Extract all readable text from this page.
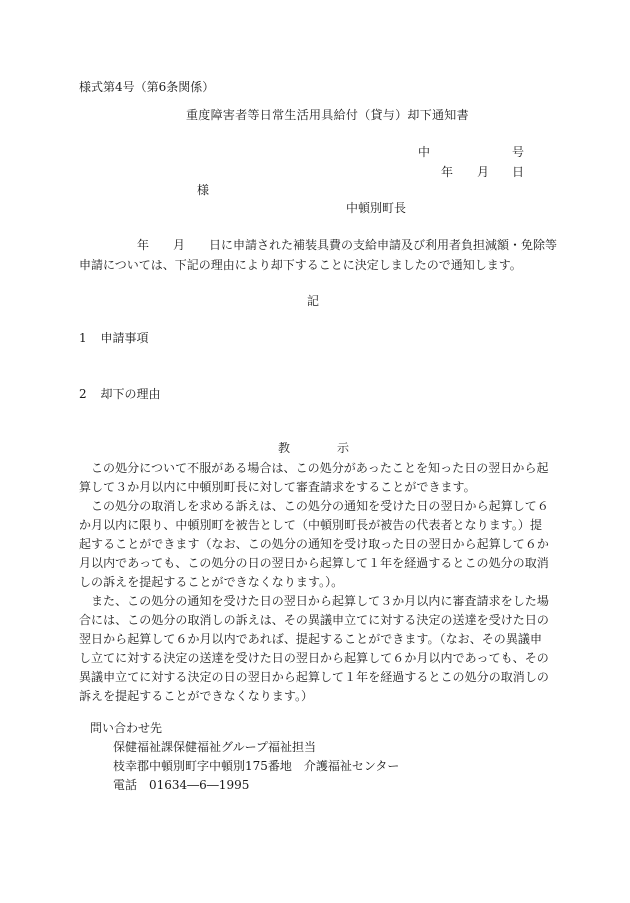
様式第4号（第6条関係）
重度障害者等日常生活用具給付（貸与）却下通知書
中	号
年 月 日
様
中頓別町長
年 月 日に申請された補装具費の支給申請及び利用者負担減額・免除等
申請については、下記の理由により却下することに決定しましたので通知します。
記
1 申請事項
2 却下の理由
教	示

この処分について不服がある場合は、この処分があったことを知った日の翌日から起算して３か月以内に中頓別町長に対して審査請求をすることができます。

この処分の取消しを求める訴えは、この処分の通知を受けた日の翌日から起算して６か月以内に限り、中頓別町を被告として（中頓別町長が被告の代表者となります。）提起することができます（なお、この処分の通知を受け取った日の翌日から起算して６か月以内であっても、この処分の日の翌日から起算して１年を経過するとこの処分の取消しの訴えを提起することができなくなります。）。

また、この処分の通知を受けた日の翌日から起算して３か月以内に審査請求をした場合には、この処分の取消しの訴えは、その異議申立てに対する決定の送達を受けた日の翌日から起算して６か月以内であれば、提起することができます。（なお、その異議申し立てに対する決定の送達を受けた日の翌日から起算して６か月以内であっても、その異議申立てに対する決定の日の翌日から起算して１年を経過するとこの処分の取消しの訴えを提起することができなくなります。）

問い合わせ先
保健福祉課保健福祉グループ福祉担当
枝幸郡中頓別町字中頓別175番地　介護福祉センター
電話　01634―6―1995
